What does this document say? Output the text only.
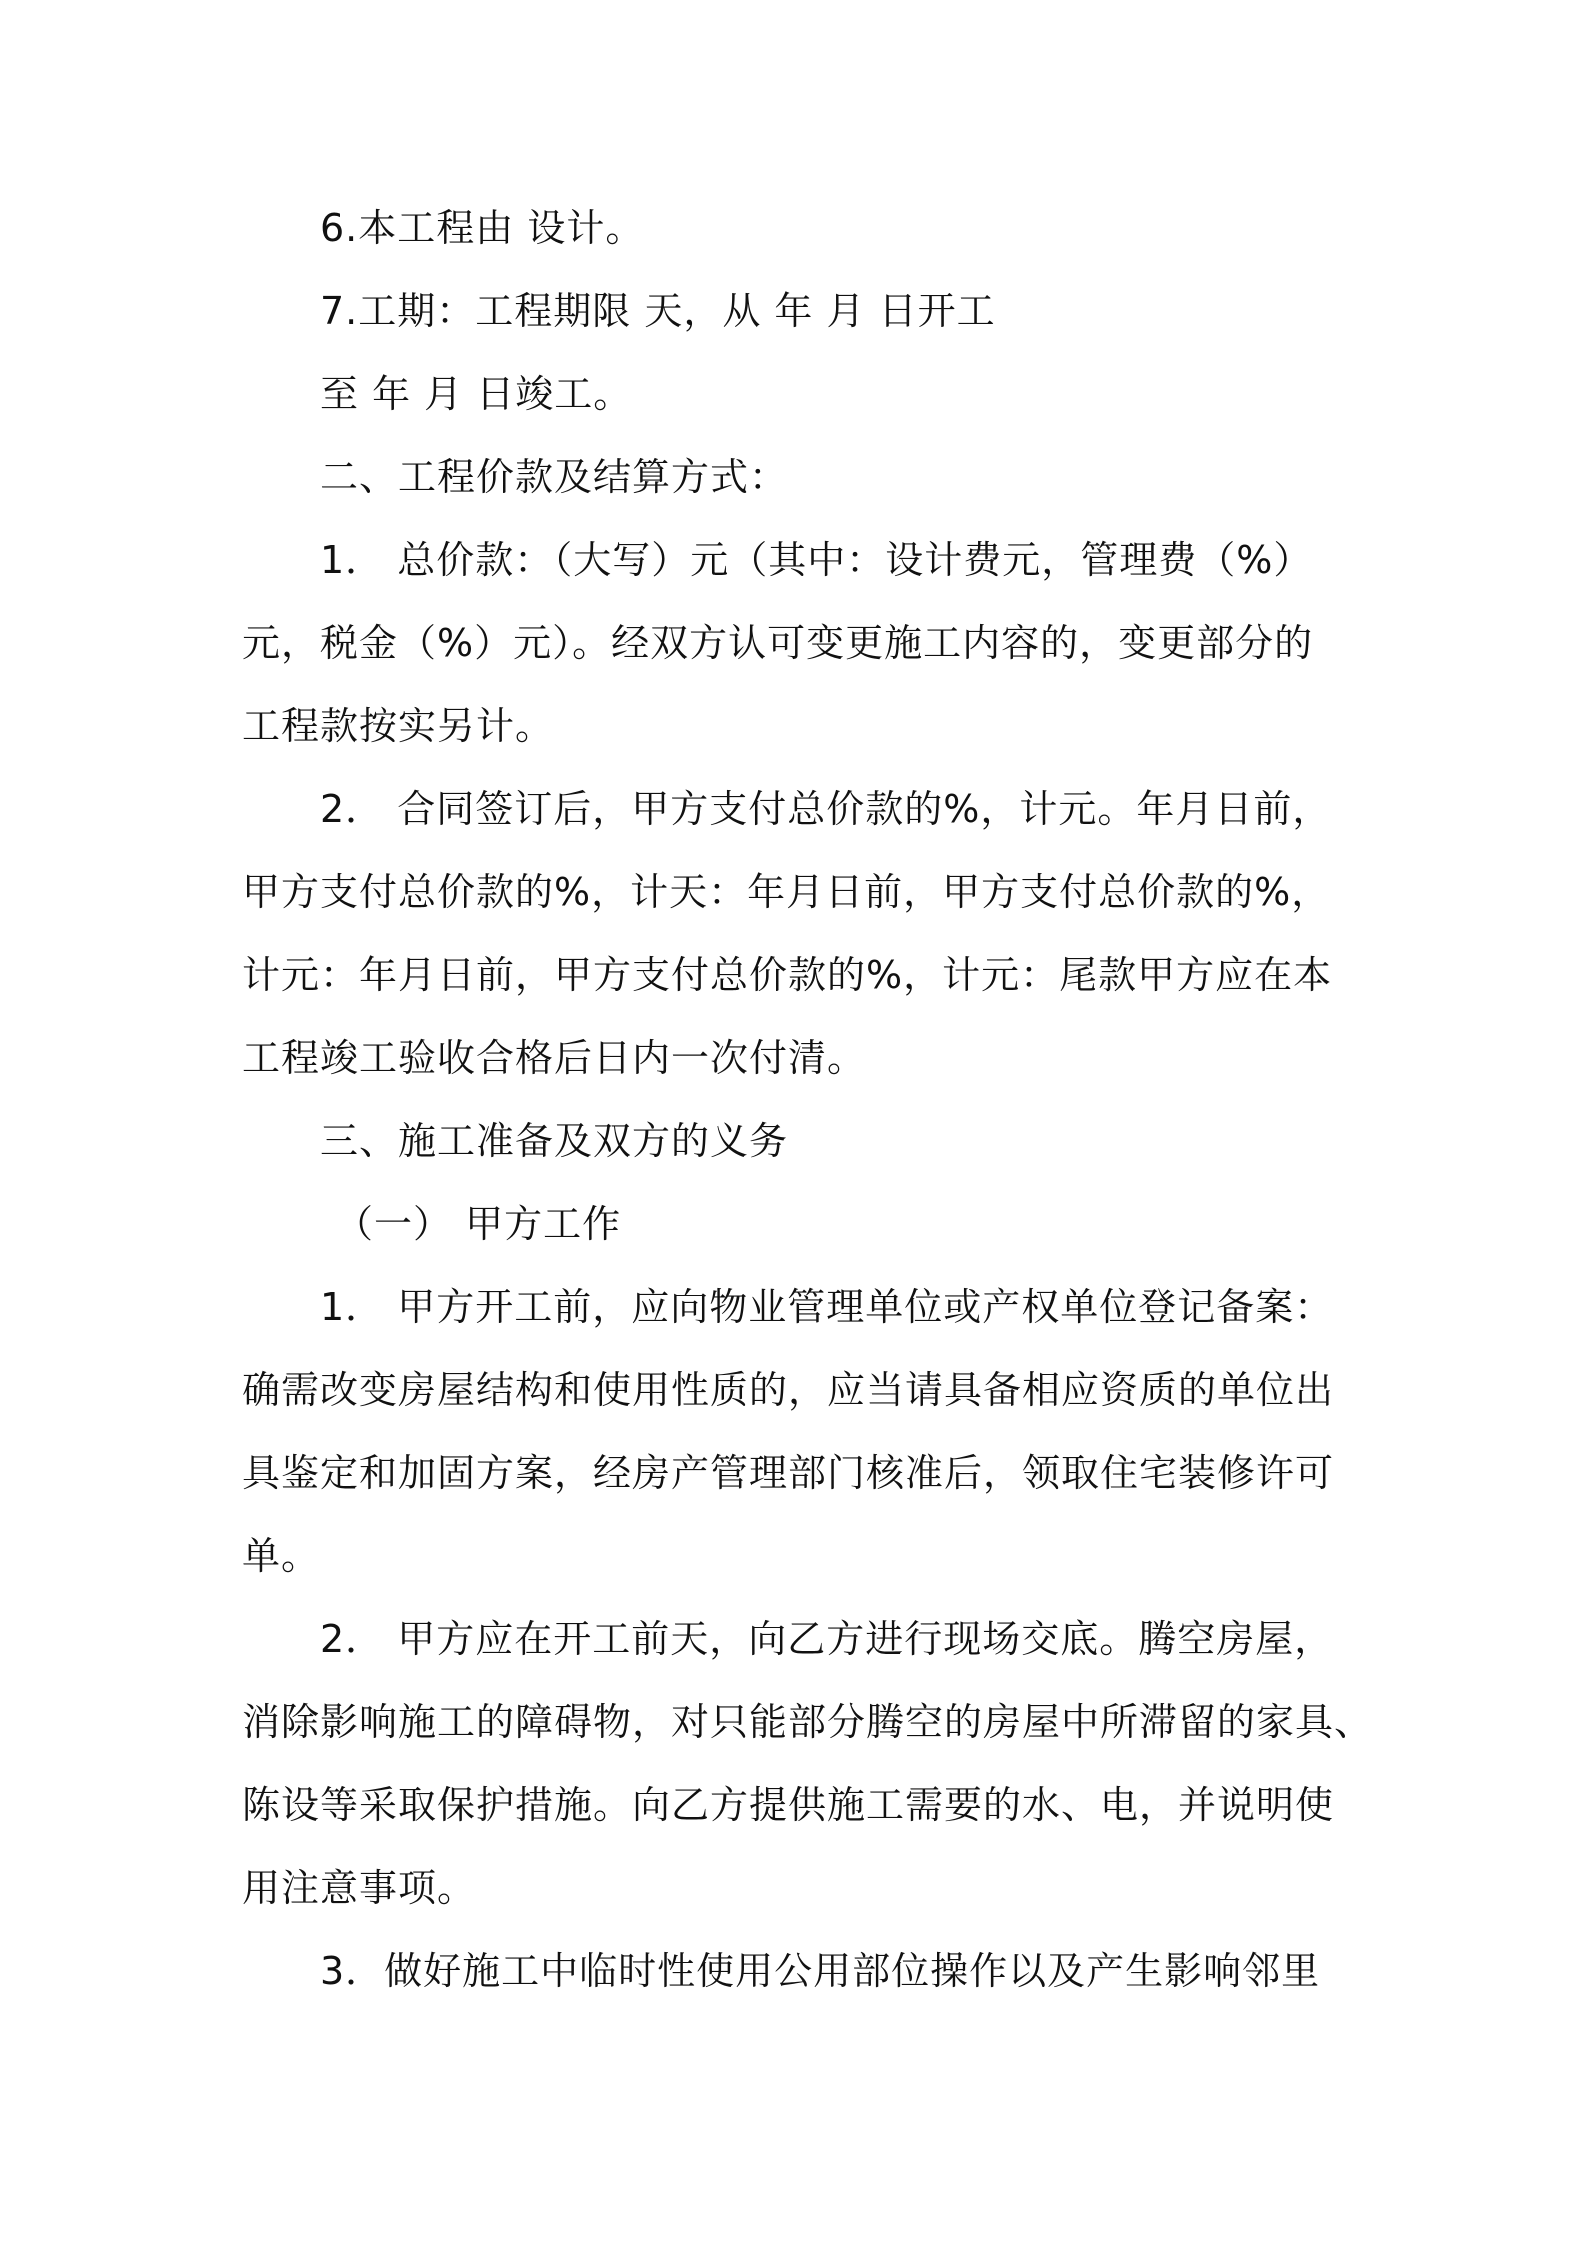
6.本工程由 设计。
7.工期：工程期限 天，从 年 月 日开工
至 年 月 日竣工。
二、工程价款及结算方式：
1． 总价款：（大写）元（其中：设计费元，管理费（%）
元，税金（%）元）。经双方认可变更施工内容的，变更部分的
工程款按实另计。
2． 合同签订后，甲方支付总价款的%，计元。年月日前，
甲方支付总价款的%，计天：年月日前，甲方支付总价款的%，
计元：年月日前，甲方支付总价款的%，计元：尾款甲方应在本
工程竣工验收合格后日内一次付清。
三、施工准备及双方的义务
（一） 甲方工作
1． 甲方开工前，应向物业管理单位或产权单位登记备案：
确需改变房屋结构和使用性质的，应当请具备相应资质的单位出
具鉴定和加固方案，经房产管理部门核准后，领取住宅装修许可
单。
2． 甲方应在开工前天，向乙方进行现场交底。腾空房屋，
消除影响施工的障碍物，对只能部分腾空的房屋中所滞留的家具、
陈设等采取保护措施。向乙方提供施工需要的水、电，并说明使
用注意事项。
3．做好施工中临时性使用公用部位操作以及产生影响邻里
